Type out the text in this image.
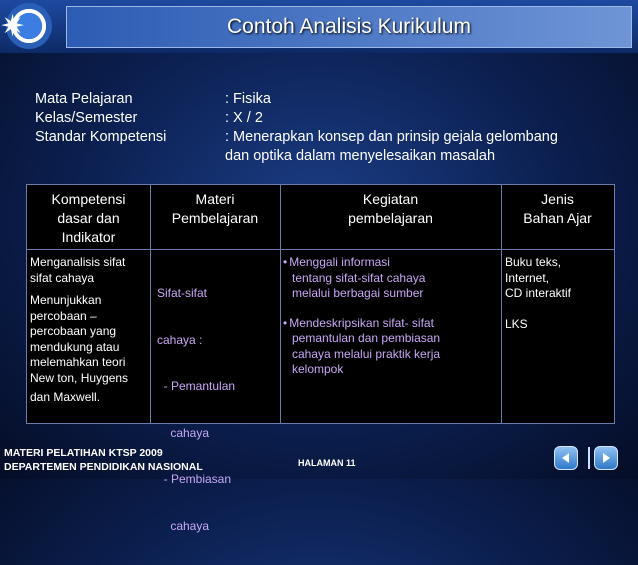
✷	Contoh Analisis Kurikulum
Mata Pelajaran
Kelas/Semester
Standar Kompetensi
: Fisika
: X / 2
: Menerapkan konsep dan prinsip gejala gelombang
dan optika dalam menyelesaikan masalah
Kompetensi
dasar dan
Indikator
Materi
Pembelajaran
Kegiatan
pembelajaran
Jenis
Bahan Ajar
Menganalisis sifat
sifat cahaya
Menunjukkan
percobaan –
percobaan yang
mendukung atau
melemahkan teori
New ton, Huygens
dan Maxwell.

Sifat-sifat

cahaya :

- Pemantulan

cahaya

- Pembiasan

cahaya

• Menggali informasi
tentang sifat-sifat cahaya
melalui berbagai sumber
• Mendeskripsikan sifat- sifat
pemantulan dan pembiasan
cahaya melalui praktik kerja
kelompok
Buku teks,
Internet,
CD interaktif
LKS
MATERI PELATIHAN KTSP 2009
DEPARTEMEN PENDIDIKAN NASIONAL	HALAMAN 11
